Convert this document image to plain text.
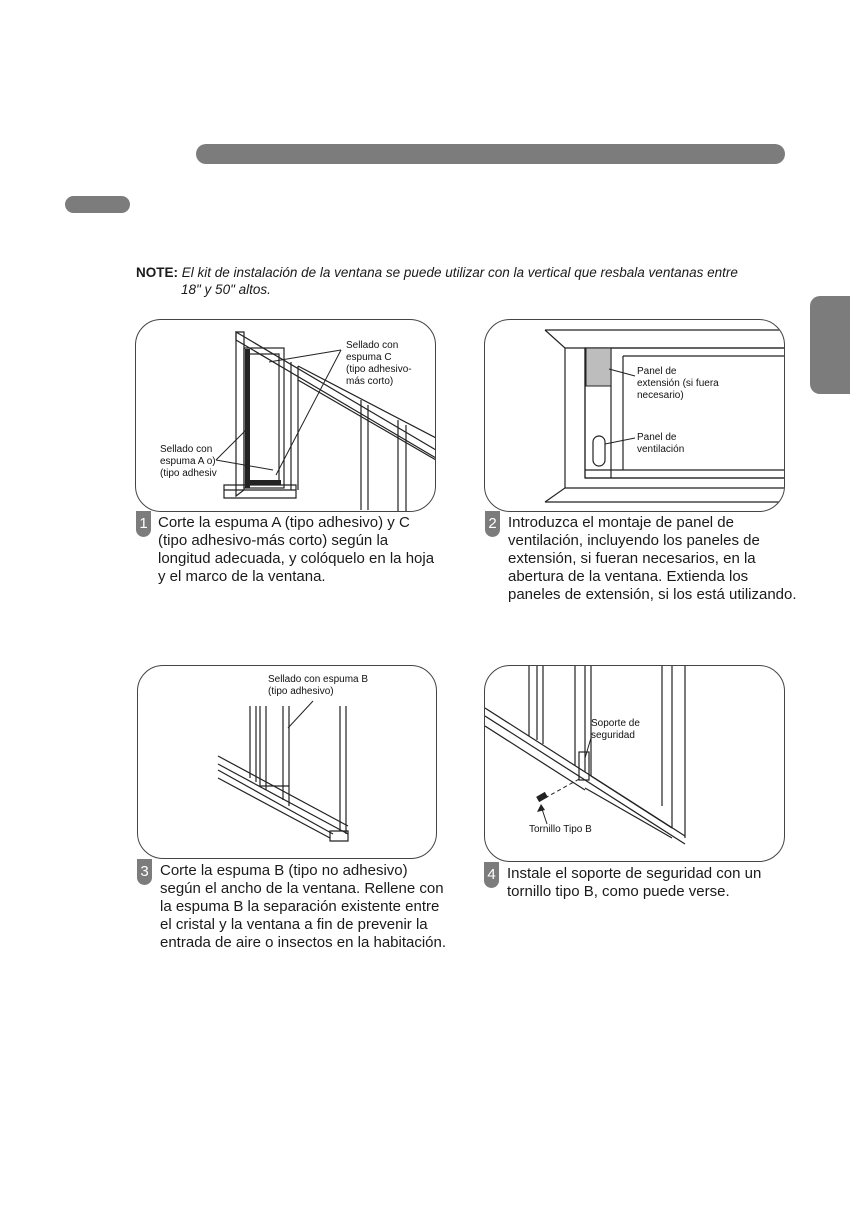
NOTE: El kit de instalación de la ventana se puede utilizar con la vertical que resbala ventanas entre
18" y 50" altos.
Sellado con
espuma C
(tipo adhesivo-
más corto)
Sellado con
espuma A o)
(tipo adhesiv
1 Corte la espuma A (tipo adhesivo) y C (tipo adhesivo-más corto) según la longitud adecuada, y colóquelo en la hoja y el marco de la ventana.
Panel de
extensión (si fuera
necesario)
Panel de
ventilación
2 Introduzca el montaje de panel de ventilación, incluyendo los paneles de extensión, si fueran necesarios, en la abertura de la ventana. Extienda los paneles de extensión, si los está utilizando.
Sellado con espuma B
(tipo adhesivo)
3 Corte la espuma B (tipo no adhesivo) según el ancho de la ventana. Rellene con la espuma B la separación existente entre el cristal y la ventana a fin de prevenir la entrada de aire o insectos en la habitación.
Soporte de
seguridad
Tornillo Tipo B
4 Instale el soporte de seguridad con un tornillo tipo B, como puede verse.
